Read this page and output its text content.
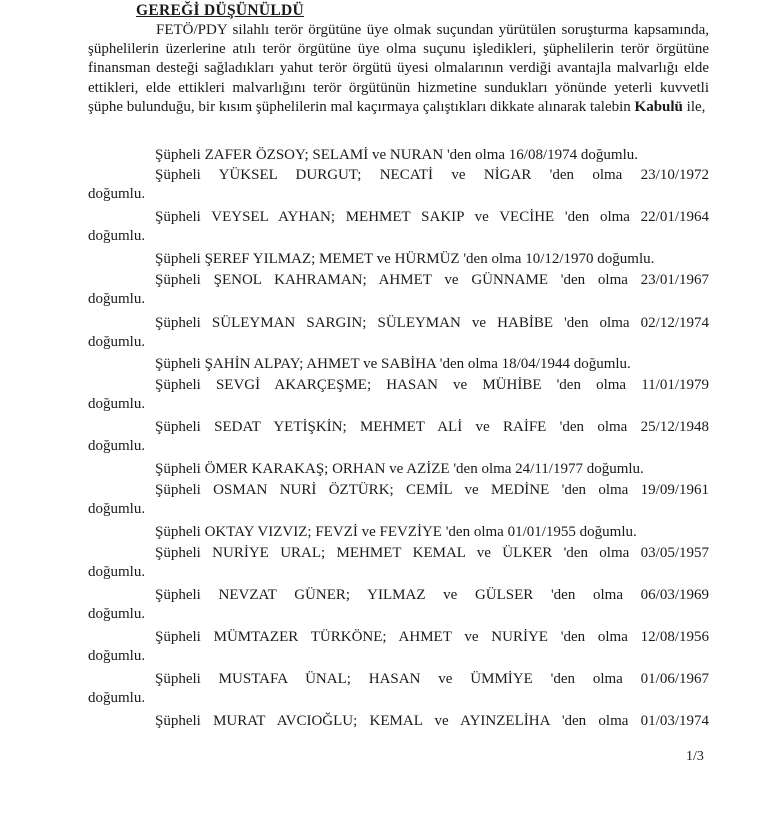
GEREĞİ DÜŞÜNÜLDÜ

FETÖ/PDY silahlı terör örgütüne üye olmak suçundan yürütülen soruşturma kapsamında, şüphelilerin üzerlerine atılı terör örgütüne üye olma suçunu işledikleri, şüphelilerin terör örgütüne finansman desteği sağladıkları yahut terör örgütü üyesi olmalarının verdiği avantajla malvarlığı elde ettikleri, elde ettikleri malvarlığını terör örgütünün hizmetine sundukları yönünde yeterli kuvvetli şüphe bulunduğu, bir kısım şüphelilerin mal kaçırmaya çalıştıkları dikkate alınarak talebin Kabulü ile,

Şüpheli ZAFER ÖZSOY; SELAMİ ve NURAN 'den olma 16/08/1974 doğumlu.
Şüpheli YÜKSEL DURGUT; NECATİ ve NİGAR 'den olma 23/10/1972
doğumlu.
Şüpheli VEYSEL AYHAN; MEHMET SAKIP ve VECİHE 'den olma 22/01/1964
doğumlu.
Şüpheli ŞEREF YILMAZ; MEMET ve HÜRMÜZ 'den olma 10/12/1970 doğumlu.
Şüpheli ŞENOL KAHRAMAN; AHMET ve GÜNNAME 'den olma 23/01/1967
doğumlu.
Şüpheli SÜLEYMAN SARGIN; SÜLEYMAN ve HABİBE 'den olma 02/12/1974
doğumlu.
Şüpheli ŞAHİN ALPAY; AHMET ve SABİHA 'den olma 18/04/1944 doğumlu.
Şüpheli SEVGİ AKARÇEŞME; HASAN ve MÜHİBE 'den olma 11/01/1979
doğumlu.
Şüpheli SEDAT YETİŞKİN; MEHMET ALİ ve RAİFE 'den olma 25/12/1948
doğumlu.
Şüpheli ÖMER KARAKAŞ; ORHAN ve AZİZE 'den olma 24/11/1977 doğumlu.
Şüpheli OSMAN NURİ ÖZTÜRK; CEMİL ve MEDİNE 'den olma 19/09/1961
doğumlu.
Şüpheli OKTAY VIZVIZ; FEVZİ ve FEVZİYE 'den olma 01/01/1955 doğumlu.
Şüpheli NURİYE URAL; MEHMET KEMAL ve ÜLKER 'den olma 03/05/1957
doğumlu.
Şüpheli NEVZAT GÜNER; YILMAZ ve GÜLSER 'den olma 06/03/1969
doğumlu.
Şüpheli MÜMTAZER TÜRKÖNE; AHMET ve NURİYE 'den olma 12/08/1956
doğumlu.
Şüpheli MUSTAFA ÜNAL; HASAN ve ÜMMİYE 'den olma 01/06/1967
doğumlu.
Şüpheli MURAT AVCIOĞLU; KEMAL ve AYINZELİHA 'den olma 01/03/1974
1/3
